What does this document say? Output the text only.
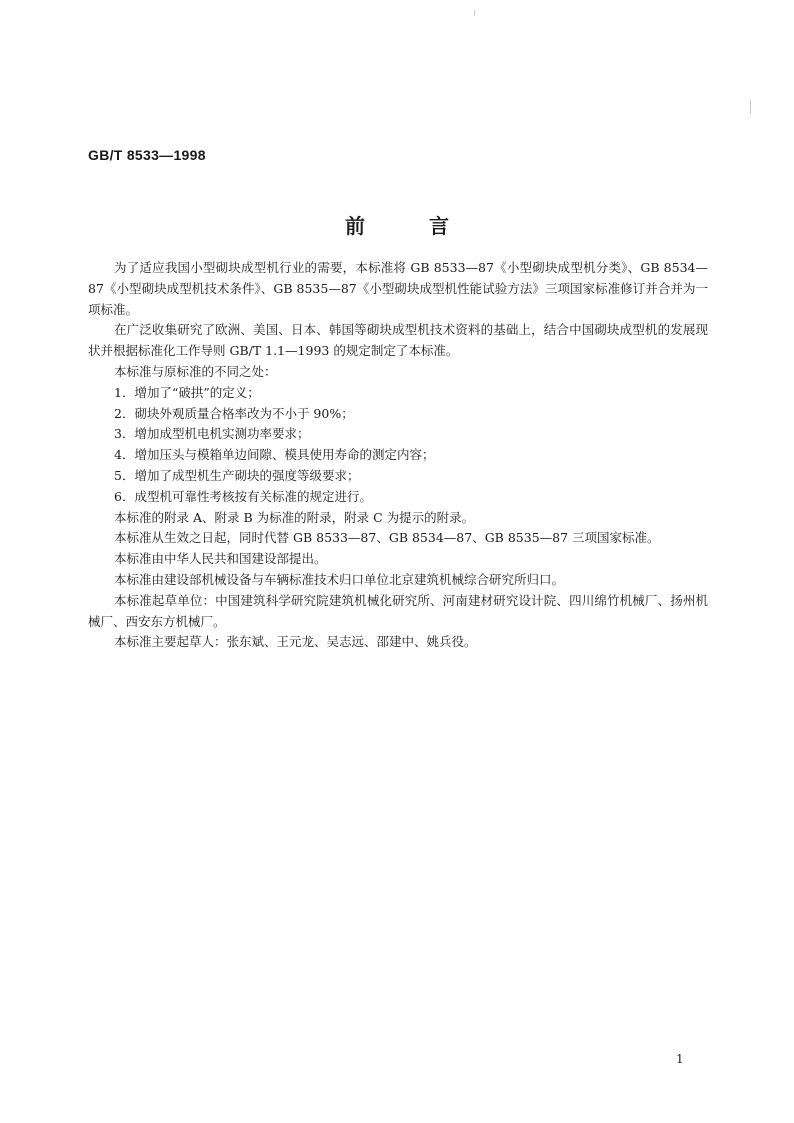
GB/T 8533—1998
前言

为了适应我国小型砌块成型机行业的需要，本标准将 GB 8533—87《小型砌块成型机分类》、GB 8534—87《小型砌块成型机技术条件》、GB 8535—87《小型砌块成型机性能试验方法》三项国家标准修订并合并为一项标准。

在广泛收集研究了欧洲、美国、日本、韩国等砌块成型机技术资料的基础上，结合中国砌块成型机的发展现状并根据标准化工作导则 GB/T 1.1—1993 的规定制定了本标准。

本标准与原标准的不同之处：

1．增加了“破拱”的定义；

2．砌块外观质量合格率改为不小于 90%；

3．增加成型机电机实测功率要求；

4．增加压头与模箱单边间隙、模具使用寿命的测定内容；

5．增加了成型机生产砌块的强度等级要求；

6．成型机可靠性考核按有关标准的规定进行。

本标准的附录 A、附录 B 为标准的附录，附录 C 为提示的附录。

本标准从生效之日起，同时代替 GB 8533—87、GB 8534—87、GB 8535—87 三项国家标准。

本标准由中华人民共和国建设部提出。

本标准由建设部机械设备与车辆标准技术归口单位北京建筑机械综合研究所归口。

本标准起草单位：中国建筑科学研究院建筑机械化研究所、河南建材研究设计院、四川绵竹机械厂、扬州机械厂、西安东方机械厂。

本标准主要起草人：张东斌、王元龙、吴志远、邵建中、姚兵役。

1
